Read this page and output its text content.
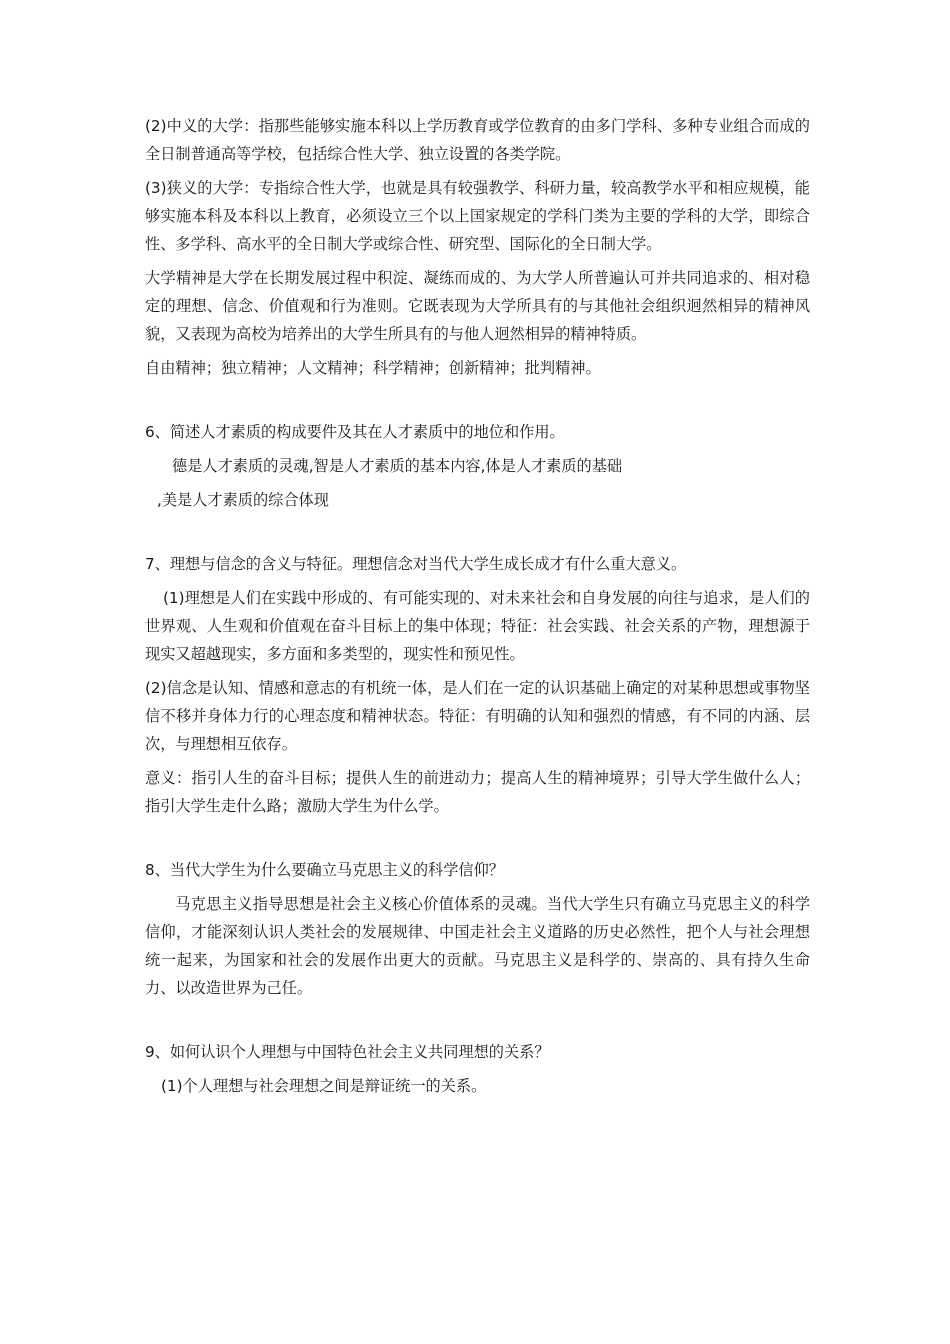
(2)中义的大学：指那些能够实施本科以上学历教育或学位教育的由多门学科、多种专业组合而成的全日制普通高等学校，包括综合性大学、独立设置的各类学院。

(3)狭义的大学：专指综合性大学，也就是具有较强教学、科研力量，较高教学水平和相应规模，能够实施本科及本科以上教育，必须设立三个以上国家规定的学科门类为主要的学科的大学，即综合性、多学科、高水平的全日制大学或综合性、研究型、国际化的全日制大学。

大学精神是大学在长期发展过程中积淀、凝练而成的、为大学人所普遍认可并共同追求的、相对稳定的理想、信念、价值观和行为准则。它既表现为大学所具有的与其他社会组织迥然相异的精神风貌，又表现为高校为培养出的大学生所具有的与他人迥然相异的精神特质。

自由精神；独立精神；人文精神；科学精神；创新精神；批判精神。

6、简述人才素质的构成要件及其在人才素质中的地位和作用。

德是人才素质的灵魂,智是人才素质的基本内容,体是人才素质的基础

,美是人才素质的综合体现

7、理想与信念的含义与特征。理想信念对当代大学生成长成才有什么重大意义。

(1)理想是人们在实践中形成的、有可能实现的、对未来社会和自身发展的向往与追求，是人们的世界观、人生观和价值观在奋斗目标上的集中体现；特征：社会实践、社会关系的产物，理想源于现实又超越现实，多方面和多类型的，现实性和预见性。

(2)信念是认知、情感和意志的有机统一体，是人们在一定的认识基础上确定的对某种思想或事物坚信不移并身体力行的心理态度和精神状态。特征：有明确的认知和强烈的情感，有不同的内涵、层次，与理想相互依存。

意义：指引人生的奋斗目标；提供人生的前进动力；提高人生的精神境界；引导大学生做什么人；指引大学生走什么路；激励大学生为什么学。

8、当代大学生为什么要确立马克思主义的科学信仰？

马克思主义指导思想是社会主义核心价值体系的灵魂。当代大学生只有确立马克思主义的科学信仰，才能深刻认识人类社会的发展规律、中国走社会主义道路的历史必然性，把个人与社会理想统一起来，为国家和社会的发展作出更大的贡献。马克思主义是科学的、崇高的、具有持久生命力、以改造世界为己任。

9、如何认识个人理想与中国特色社会主义共同理想的关系？

(1)个人理想与社会理想之间是辩证统一的关系。
